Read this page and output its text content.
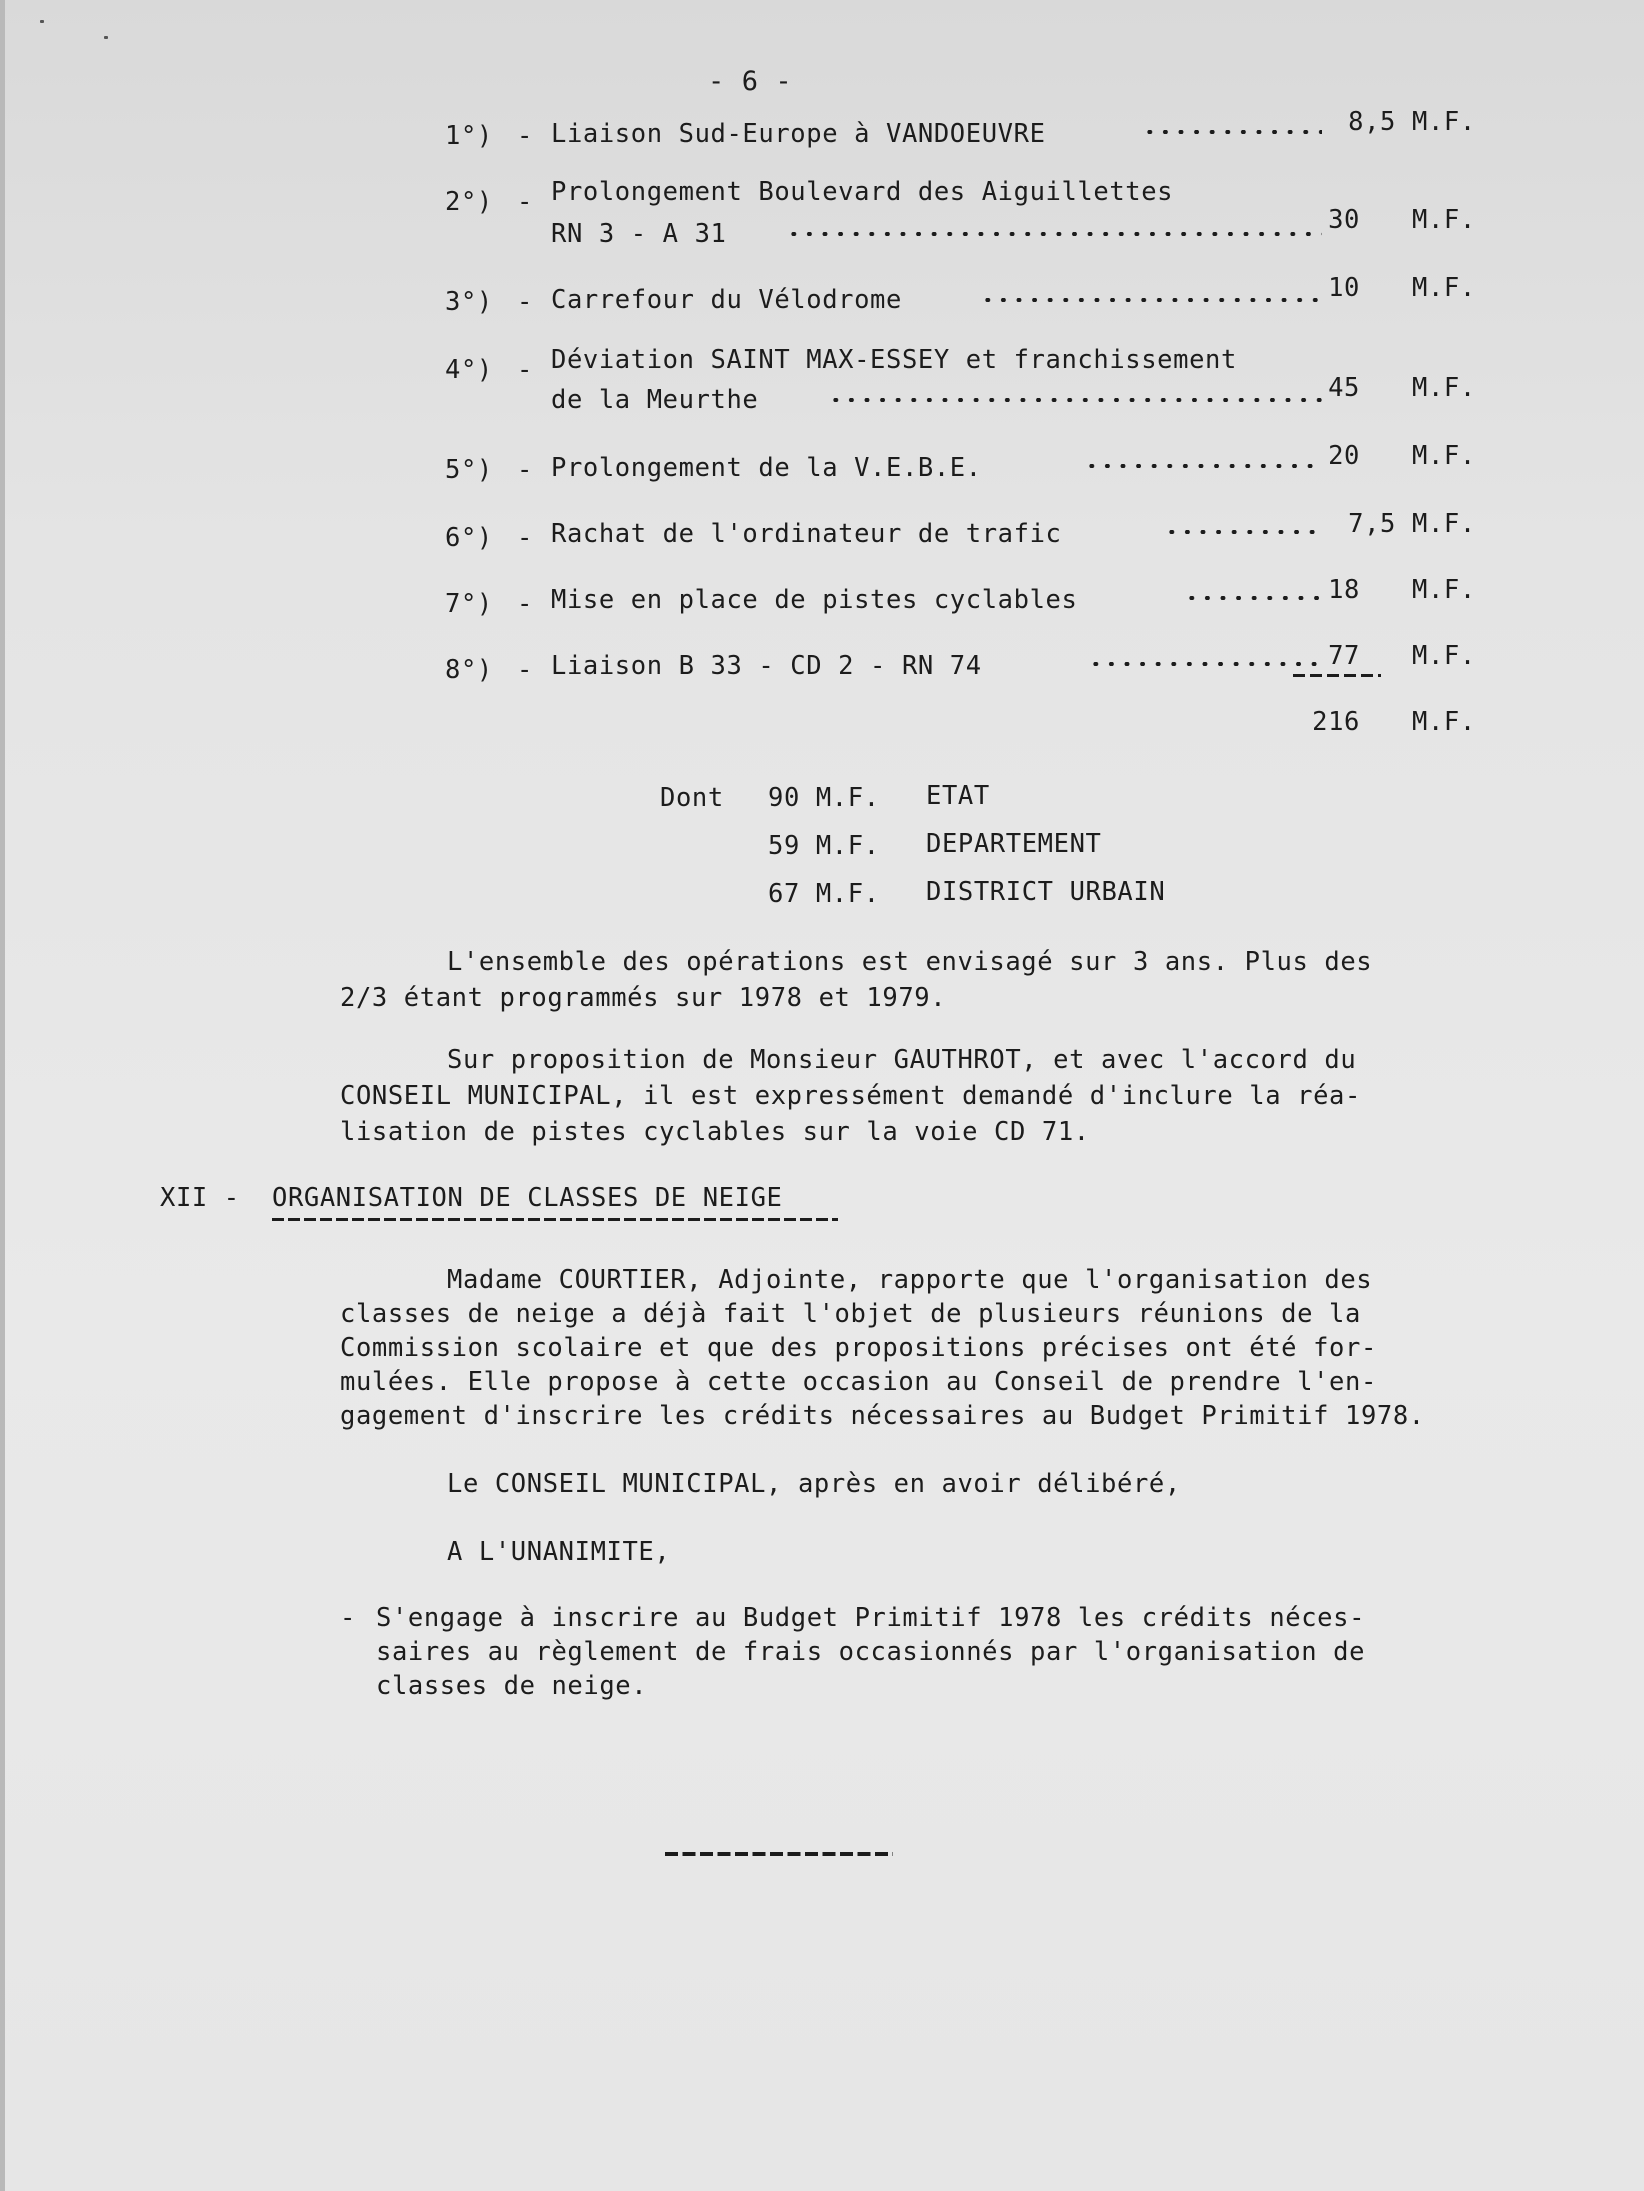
- 6 -
1°) - Liaison Sud-Europe à VANDOEUVRE	8,5 M.F.
2°) - Prolongement Boulevard des Aiguillettes
RN 3 - A 31	30 M.F.
3°) - Carrefour du Vélodrome	10 M.F.
4°) - Déviation SAINT MAX-ESSEY et franchissement
de la Meurthe	45 M.F.
5°) - Prolongement de la V.E.B.E.	20 M.F.
6°) - Rachat de l'ordinateur de trafic	7,5 M.F.
7°) - Mise en place de pistes cyclables	18 M.F.
8°) - Liaison B 33 - CD 2 - RN 74	77 M.F.
216 M.F.
Dont 90 M.F. ETAT
59 M.F. DEPARTEMENT
67 M.F. DISTRICT URBAIN
L'ensemble des opérations est envisagé sur 3 ans. Plus des
2/3 étant programmés sur 1978 et 1979.
Sur proposition de Monsieur GAUTHROT, et avec l'accord du
CONSEIL MUNICIPAL, il est expressément demandé d'inclure la réa-
lisation de pistes cyclables sur la voie CD 71.
XII - ORGANISATION DE CLASSES DE NEIGE
Madame COURTIER, Adjointe, rapporte que l'organisation des
classes de neige a déjà fait l'objet de plusieurs réunions de la
Commission scolaire et que des propositions précises ont été for-
mulées. Elle propose à cette occasion au Conseil de prendre l'en-
gagement d'inscrire les crédits nécessaires au Budget Primitif 1978.
Le CONSEIL MUNICIPAL, après en avoir délibéré,
A L'UNANIMITE,
- S'engage à inscrire au Budget Primitif 1978 les crédits néces-
saires au règlement de frais occasionnés par l'organisation de
classes de neige.
